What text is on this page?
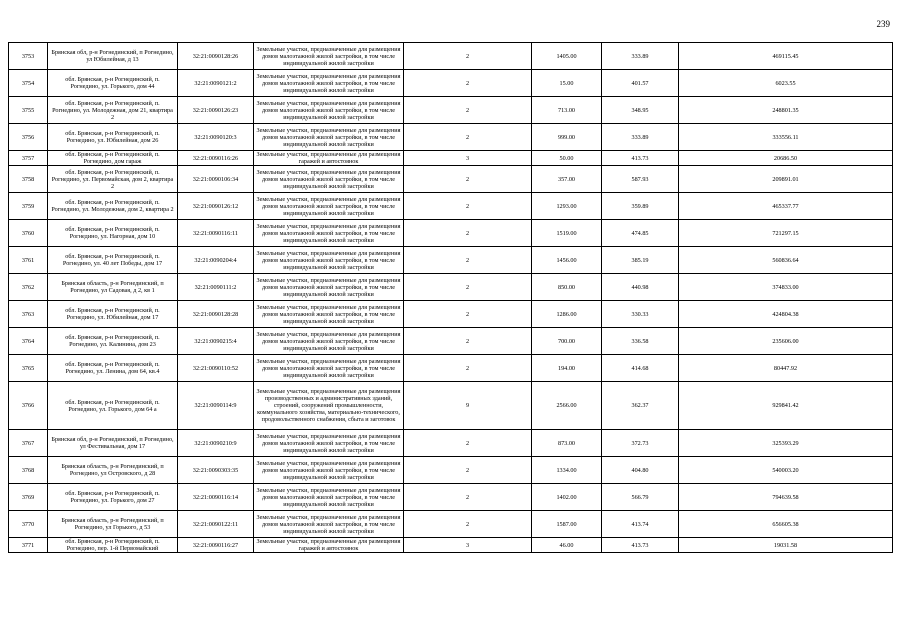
239
3753	Брянская обл, р-н Рогнединский, п Рогнедино, ул Юбилейная, д 13	32:21:0090128:26	Земельные участки, предназначенные для размещения домов малоэтажной жилой застройки, в том числе индивидуальной жилой застройки	2	1405.00	333.89	469115.45
3754	обл. Брянская, р-н Рогнединский, п. Рогнедино, ул. Горького, дом 44	32:21:0090121:2	Земельные участки, предназначенные для размещения домов малоэтажной жилой застройки, в том числе индивидуальной жилой застройки	2	15.00	401.57	6023.55
3755	обл. Брянская, р-н Рогнединский, п. Рогнедино, ул. Молодежная, дом 21, квартира 2	32:21:0090126:23	Земельные участки, предназначенные для размещения домов малоэтажной жилой застройки, в том числе индивидуальной жилой застройки	2	713.00	348.95	248801.35
3756	обл. Брянская, р-н Рогнединский, п. Рогнедино, ул. Юбилейная, дом 26	32:21:0090120:3	Земельные участки, предназначенные для размещения домов малоэтажной жилой застройки, в том числе индивидуальной жилой застройки	2	999.00	333.89	333556.11
3757	обл. Брянская, р-н Рогнединский, п. Рогнедино, дом гараж	32:21:0090116:26	Земельные участки, предназначенные для размещения гаражей и автостоянок	3	50.00	413.73	20686.50
3758	обл. Брянская, р-н Рогнединский, п. Рогнедино, ул. Первомайская, дом 2, квартира 2	32:21:0090106:34	Земельные участки, предназначенные для размещения домов малоэтажной жилой застройки, в том числе индивидуальной жилой застройки	2	357.00	587.93	209891.01
3759	обл. Брянская, р-н Рогнединский, п. Рогнедино, ул. Молодежная, дом 2, квартира 2	32:21:0090126:12	Земельные участки, предназначенные для размещения домов малоэтажной жилой застройки, в том числе индивидуальной жилой застройки	2	1293.00	359.89	465337.77
3760	обл. Брянская, р-н Рогнединский, п. Рогнедино, ул. Нагорная, дом 10	32:21:0090116:11	Земельные участки, предназначенные для размещения домов малоэтажной жилой застройки, в том числе индивидуальной жилой застройки	2	1519.00	474.85	721297.15
3761	обл. Брянская, р-н Рогнединский, п. Рогнедино, ул. 40 лет Победы, дом 17	32:21:0090204:4	Земельные участки, предназначенные для размещения домов малоэтажной жилой застройки, в том числе индивидуальной жилой застройки	2	1456.00	385.19	560836.64
3762	Брянская область, р-н Рогнединский, п Рогнедино, ул Садовая, д 2, кв 1	32:21:0090111:2	Земельные участки, предназначенные для размещения домов малоэтажной жилой застройки, в том числе индивидуальной жилой застройки	2	850.00	440.98	374833.00
3763	обл. Брянская, р-н Рогнединский, п. Рогнедино, ул. Юбилейная, дом 17	32:21:0090128:28	Земельные участки, предназначенные для размещения домов малоэтажной жилой застройки, в том числе индивидуальной жилой застройки	2	1286.00	330.33	424804.38
3764	обл. Брянская, р-н Рогнединский, п. Рогнедино, ул. Калинина, дом 23	32:21:0090215:4	Земельные участки, предназначенные для размещения домов малоэтажной жилой застройки, в том числе индивидуальной жилой застройки	2	700.00	336.58	235606.00
3765	обл. Брянская, р-н Рогнединский, п. Рогнедино, ул. Ленина, дом 64, кв.4	32:21:0090110:52	Земельные участки, предназначенные для размещения домов малоэтажной жилой застройки, в том числе индивидуальной жилой застройки	2	194.00	414.68	80447.92
3766	обл. Брянская, р-н Рогнединский, п. Рогнедино, ул. Горького, дом 64 а	32:21:0090114:9	Земельные участки, предназначенные для размещения производственных и административных зданий, строений, сооружений промышленности, коммунального хозяйства, материально-технического, продовольственного снабжения, сбыта и заготовок	9	2566.00	362.37	929841.42
3767	Брянская обл, р-н Рогнединский, п Рогнедино, ул Фестивальная, дом 17	32:21:0090210:9	Земельные участки, предназначенные для размещения домов малоэтажной жилой застройки, в том числе индивидуальной жилой застройки	2	873.00	372.73	325393.29
3768	Брянская область, р-н Рогнединский, п Рогнедино, ул Островского, д 28	32:21:0090303:35	Земельные участки, предназначенные для размещения домов малоэтажной жилой застройки, в том числе индивидуальной жилой застройки	2	1334.00	404.80	540003.20
3769	обл. Брянская, р-н Рогнединский, п. Рогнедино, ул. Горького, дом 27	32:21:0090116:14	Земельные участки, предназначенные для размещения домов малоэтажной жилой застройки, в том числе индивидуальной жилой застройки	2	1402.00	566.79	794639.58
3770	Брянская область, р-н Рогнединский, п Рогнедино, ул Горького, д 53	32:21:0090122:11	Земельные участки, предназначенные для размещения домов малоэтажной жилой застройки, в том числе индивидуальной жилой застройки	2	1587.00	413.74	656605.38
3771	обл. Брянская, р-н Рогнединский, п. Рогнедино, пер. 1-й Первомайский	32:21:0090116:27	Земельные участки, предназначенные для размещения гаражей и автостоянок	3	46.00	413.73	19031.58
